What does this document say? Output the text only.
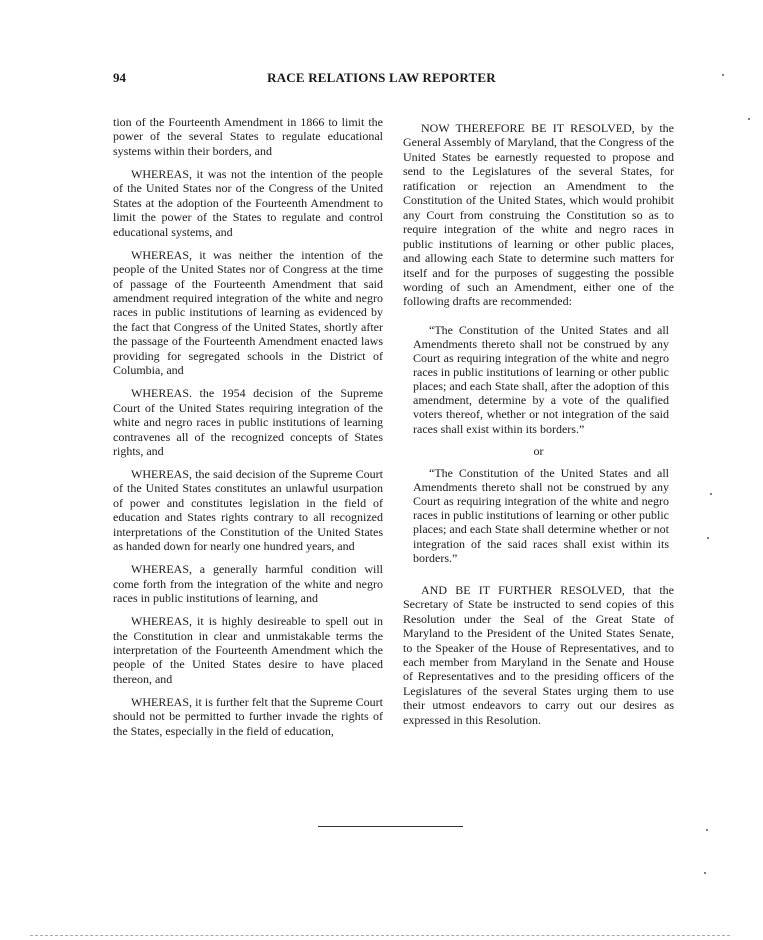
94	RACE RELATIONS LAW REPORTER

tion of the Fourteenth Amendment in 1866 to limit the power of the several States to regulate educational systems within their borders, and

WHEREAS, it was not the intention of the people of the United States nor of the Congress of the United States at the adoption of the Fourteenth Amendment to limit the power of the States to regulate and control educational systems, and

WHEREAS, it was neither the intention of the people of the United States nor of Congress at the time of passage of the Fourteenth Amendment that said amendment required integration of the white and negro races in public institutions of learning as evidenced by the fact that Congress of the United States, shortly after the passage of the Fourteenth Amendment enacted laws providing for segregated schools in the District of Columbia, and

WHEREAS. the 1954 decision of the Supreme Court of the United States requiring integration of the white and negro races in public institutions of learning contravenes all of the recognized concepts of States rights, and

WHEREAS, the said decision of the Supreme Court of the United States constitutes an unlawful usurpation of power and constitutes legislation in the field of education and States rights contrary to all recognized interpretations of the Constitution of the United States as handed down for nearly one hundred years, and

WHEREAS, a generally harmful condition will come forth from the integration of the white and negro races in public institutions of learning, and

WHEREAS, it is highly desireable to spell out in the Constitution in clear and unmistakable terms the interpretation of the Fourteenth Amendment which the people of the United States desire to have placed thereon, and

WHEREAS, it is further felt that the Supreme Court should not be permitted to further invade the rights of the States, especially in the field of education,

NOW THEREFORE BE IT RESOLVED, by the General Assembly of Maryland, that the Congress of the United States be earnestly requested to propose and send to the Legislatures of the several States, for ratification or rejection an Amendment to the Constitution of the United States, which would prohibit any Court from construing the Constitution so as to require integration of the white and negro races in public institutions of learning or other public places, and allowing each State to determine such matters for itself and for the purposes of suggesting the possible wording of such an Amendment, either one of the following drafts are recommended:

“The Constitution of the United States and all Amendments thereto shall not be construed by any Court as requiring integration of the white and negro races in public institutions of learning or other public places; and each State shall, after the adoption of this amendment, determine by a vote of the qualified voters thereof, whether or not integration of the said races shall exist within its borders.”

or

“The Constitution of the United States and all Amendments thereto shall not be construed by any Court as requiring integration of the white and negro races in public institutions of learning or other public places; and each State shall determine whether or not integration of the said races shall exist within its borders.”

AND BE IT FURTHER RESOLVED, that the Secretary of State be instructed to send copies of this Resolution under the Seal of the Great State of Maryland to the President of the United States Senate, to the Speaker of the House of Representatives, and to each member from Maryland in the Senate and House of Representatives and to the presiding officers of the Legislatures of the several States urging them to use their utmost endeavors to carry out our desires as expressed in this Resolution.
